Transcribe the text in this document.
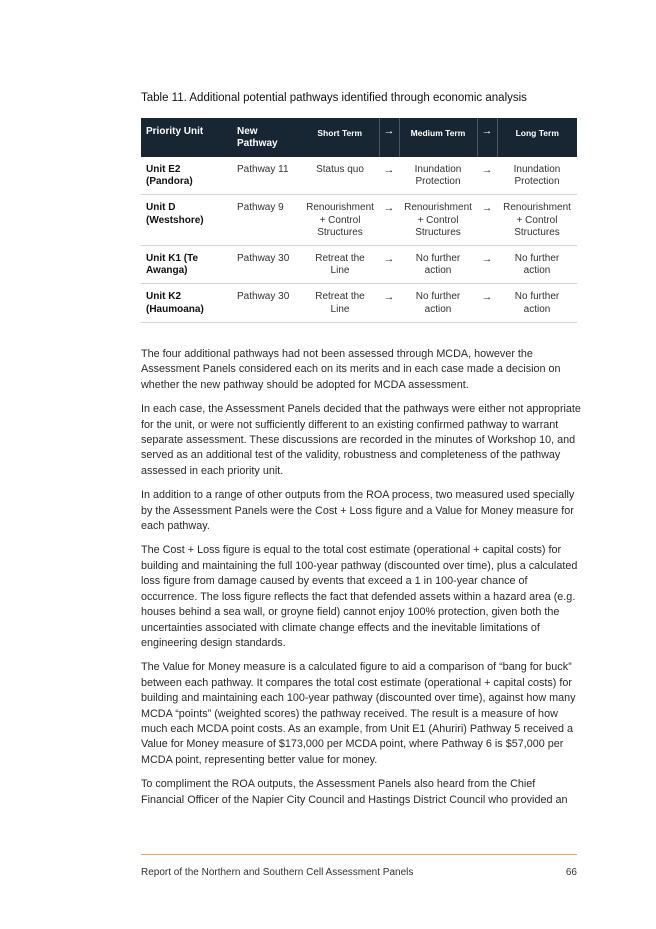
Table 11. Additional potential pathways identified through economic analysis
Priority Unit	New Pathway	Short Term	→	Medium Term	→	Long Term
Unit E2 (Pandora)	Pathway 11	Status quo	→	Inundation Protection	→	Inundation Protection
Unit D (Westshore)	Pathway 9	Renourishment + Control Structures	→	Renourishment + Control Structures	→	Renourishment + Control Structures
Unit K1 (Te Awanga)	Pathway 30	Retreat the Line	→	No further action	→	No further action
Unit K2 (Haumoana)	Pathway 30	Retreat the Line	→	No further action	→	No further action

The four additional pathways had not been assessed through MCDA, however the Assessment Panels considered each on its merits and in each case made a decision on whether the new pathway should be adopted for MCDA assessment.

In each case, the Assessment Panels decided that the pathways were either not appropriate for the unit, or were not sufficiently different to an existing confirmed pathway to warrant separate assessment. These discussions are recorded in the minutes of Workshop 10, and served as an additional test of the validity, robustness and completeness of the pathway assessed in each priority unit.

In addition to a range of other outputs from the ROA process, two measured used specially by the Assessment Panels were the Cost + Loss figure and a Value for Money measure for each pathway.

The Cost + Loss figure is equal to the total cost estimate (operational + capital costs) for building and maintaining the full 100-year pathway (discounted over time), plus a calculated loss figure from damage caused by events that exceed a 1 in 100-year chance of occurrence. The loss figure reflects the fact that defended assets within a hazard area (e.g. houses behind a sea wall, or groyne field) cannot enjoy 100% protection, given both the uncertainties associated with climate change effects and the inevitable limitations of engineering design standards.

The Value for Money measure is a calculated figure to aid a comparison of “bang for buck” between each pathway. It compares the total cost estimate (operational + capital costs) for building and maintaining each 100-year pathway (discounted over time), against how many MCDA “points” (weighted scores) the pathway received. The result is a measure of how much each MCDA point costs. As an example, from Unit E1 (Ahuriri) Pathway 5 received a Value for Money measure of $173,000 per MCDA point, where Pathway 6 is $57,000 per MCDA point, representing better value for money.

To compliment the ROA outputs, the Assessment Panels also heard from the Chief Financial Officer of the Napier City Council and Hastings District Council who provided an

Report of the Northern and Southern Cell Assessment Panels	66
